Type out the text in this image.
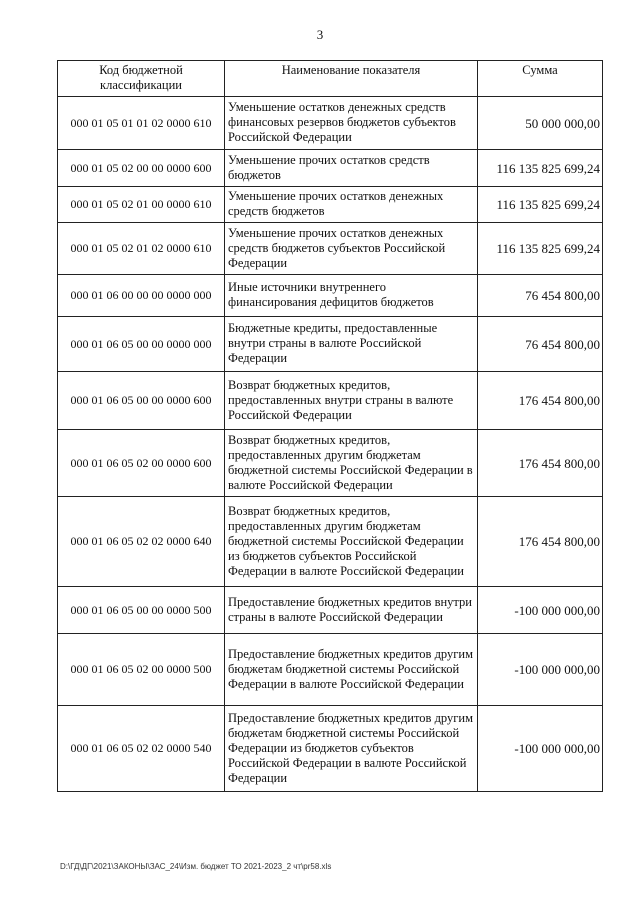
3
Код бюджетной классификации	Наименование показателя	Сумма
000 01 05 01 01 02 0000 610	Уменьшение остатков денежных средств финансовых резервов бюджетов субъектов Российской Федерации	50 000 000,00
000 01 05 02 00 00 0000 600	Уменьшение прочих остатков средств бюджетов	116 135 825 699,24
000 01 05 02 01 00 0000 610	Уменьшение прочих остатков денежных средств бюджетов	116 135 825 699,24
000 01 05 02 01 02 0000 610	Уменьшение прочих остатков денежных средств бюджетов субъектов Российской Федерации	116 135 825 699,24
000 01 06 00 00 00 0000 000	Иные источники внутреннего финансирования дефицитов бюджетов	76 454 800,00
000 01 06 05 00 00 0000 000	Бюджетные кредиты, предоставленные внутри страны в валюте Российской Федерации	76 454 800,00
000 01 06 05 00 00 0000 600	Возврат бюджетных кредитов, предоставленных внутри страны в валюте Российской Федерации	176 454 800,00
000 01 06 05 02 00 0000 600	Возврат бюджетных кредитов, предоставленных другим бюджетам бюджетной системы Российской Федерации в валюте Российской Федерации	176 454 800,00
000 01 06 05 02 02 0000 640	Возврат бюджетных кредитов, предоставленных другим бюджетам бюджетной системы Российской Федерации из бюджетов субъектов Российской Федерации в валюте Российской Федерации	176 454 800,00
000 01 06 05 00 00 0000 500	Предоставление бюджетных кредитов внутри страны в валюте Российской Федерации	-100 000 000,00
000 01 06 05 02 00 0000 500	Предоставление бюджетных кредитов другим бюджетам бюджетной системы Российской Федерации в валюте Российской Федерации	-100 000 000,00
000 01 06 05 02 02 0000 540	Предоставление бюджетных кредитов другим бюджетам бюджетной системы Российской Федерации из бюджетов субъектов Российской Федерации в валюте Российской Федерации	-100 000 000,00
D:\ГД\ДГ\2021\ЗАКОНЫ\ЗАС_24\Изм. бюджет ТО 2021-2023_2 чт\pr58.xls
